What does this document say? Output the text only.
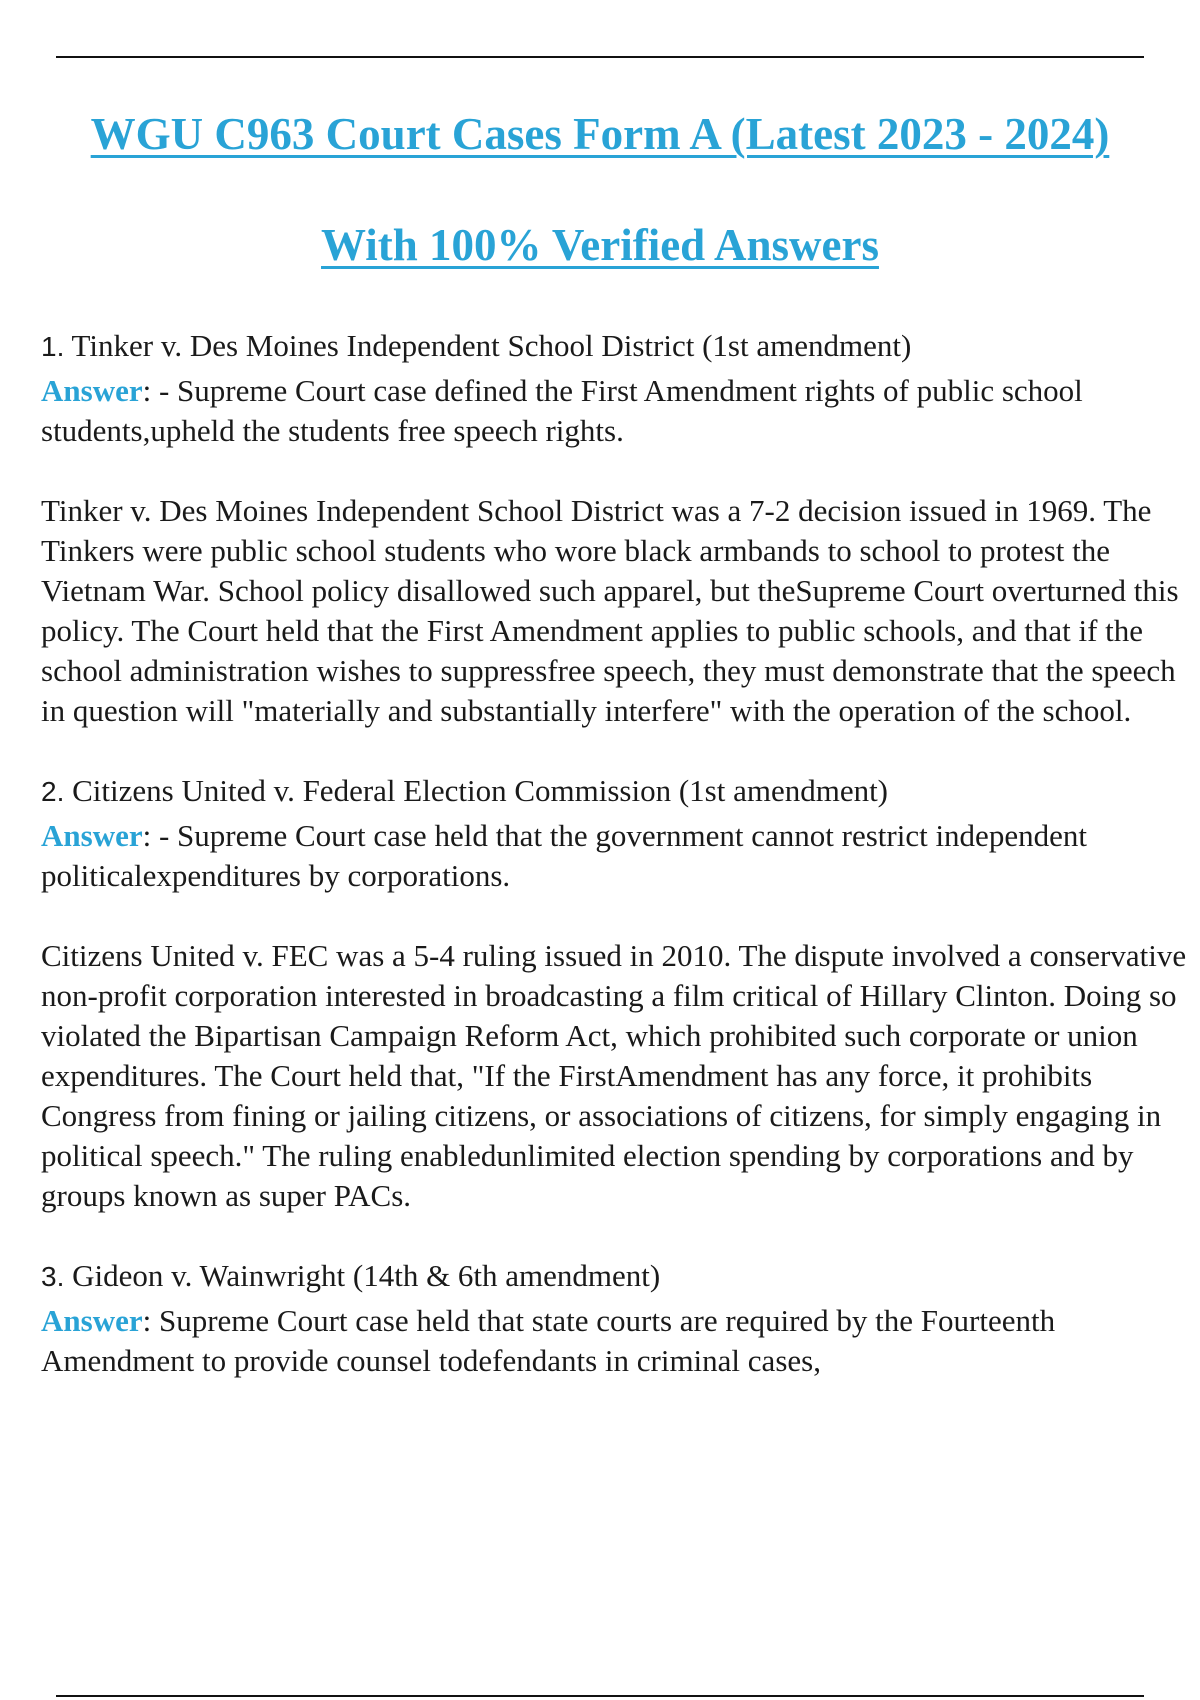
WGU C963 Court Cases Form A (Latest 2023 - 2024)
With 100% Verified Answers

1. Tinker v. Des Moines Independent School District (1st amendment)

Answer: - Supreme Court case defined the First Amendment rights of public school students,upheld the students free speech rights.

Tinker v. Des Moines Independent School District was a 7-2 decision issued in 1969. The Tinkers were public school students who wore black armbands to school to protest the Vietnam War. School policy disallowed such apparel, but theSupreme Court overturned this policy. The Court held that the First Amendment applies to public schools, and that if the school administration wishes to suppressfree speech, they must demonstrate that the speech in question will "materially and substantially interfere" with the operation of the school.

2. Citizens United v. Federal Election Commission (1st amendment)

Answer: - Supreme Court case held that the government cannot restrict independent politicalexpenditures by corporations.

Citizens United v. FEC was a 5-4 ruling issued in 2010. The dispute involved a conservative non-profit corporation interested in broadcasting a film critical of Hillary Clinton. Doing so violated the Bipartisan Campaign Reform Act, which prohibited such corporate or union expenditures. The Court held that, "If the FirstAmendment has any force, it prohibits Congress from fining or jailing citizens, or associations of citizens, for simply engaging in political speech." The ruling enabledunlimited election spending by corporations and by groups known as super PACs.

3. Gideon v. Wainwright (14th & 6th amendment)

Answer: Supreme Court case held that state courts are required by the Fourteenth Amendment to provide counsel todefendants in criminal cases,
